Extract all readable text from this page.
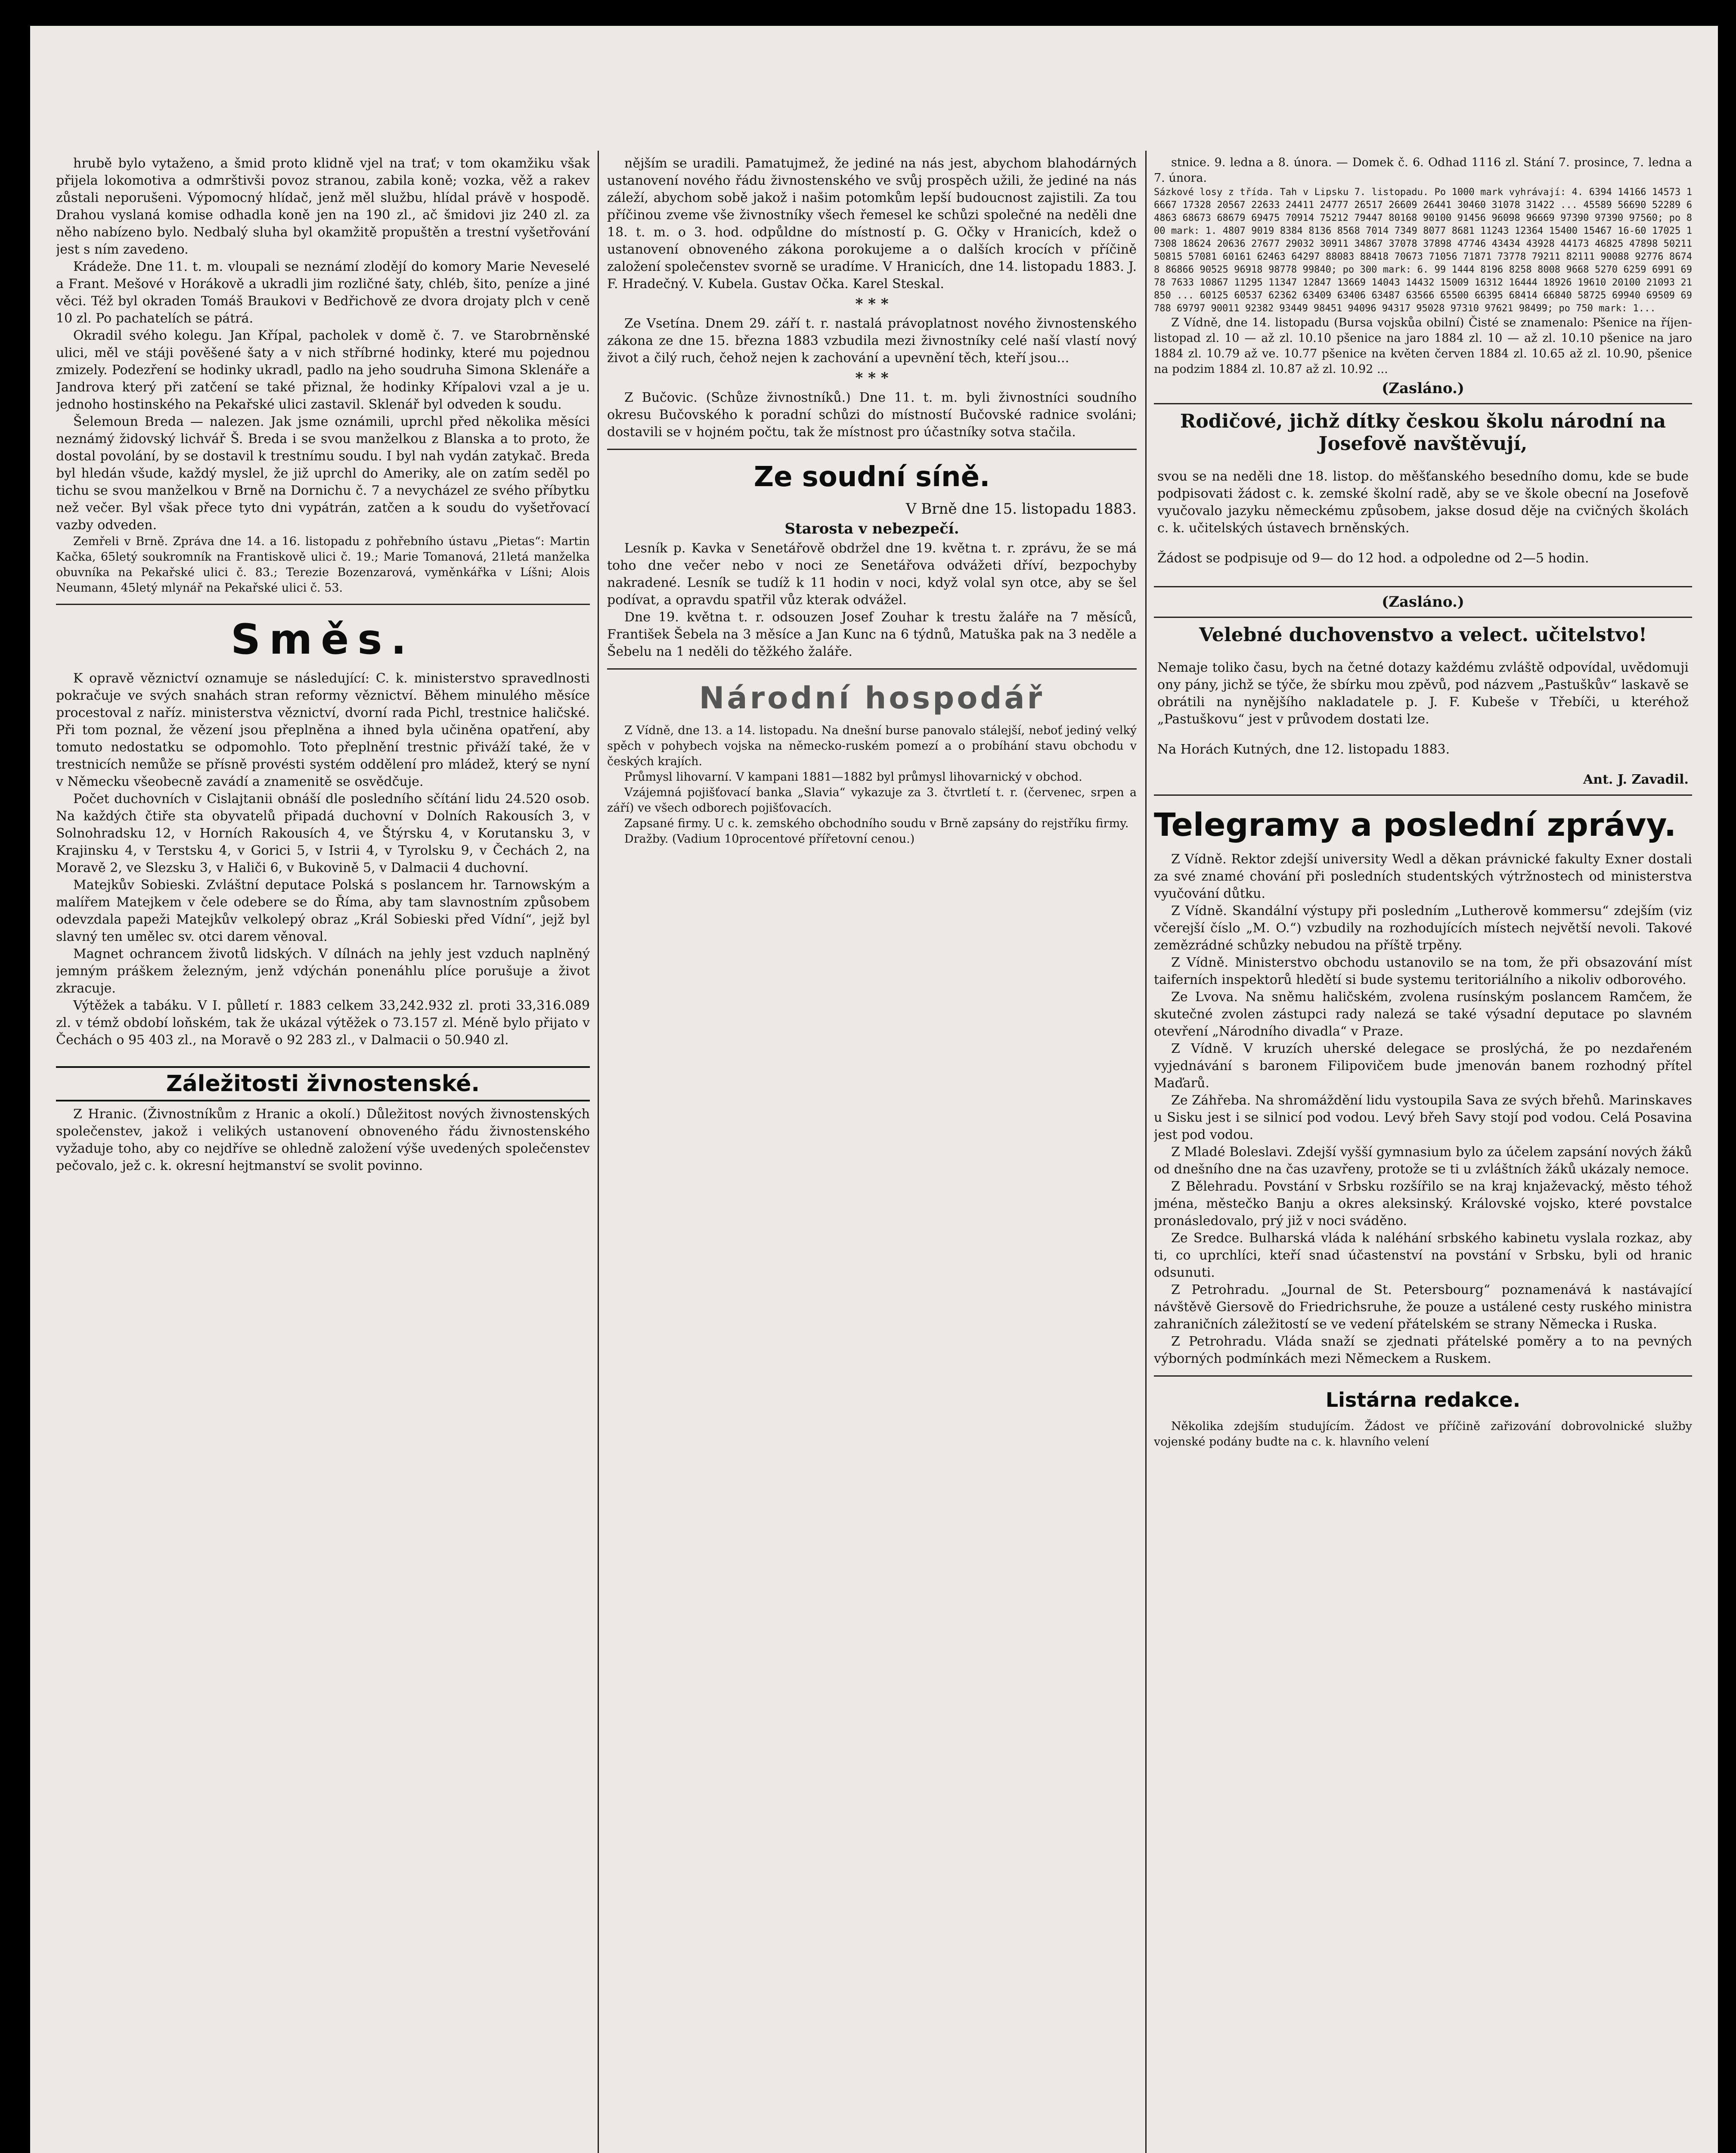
hrubě bylo vytaženo, a šmid proto klidně vjel na trať; v tom okamžiku však přijela lokomotiva a odmrštivši povoz stranou, zabila koně; vozka, věž a rakev zůstali neporušeni. Výpomocný hlídač, jenž měl službu, hlídal právě v hospodě. Drahou vyslaná komise odhadla koně jen na 190 zl., ač šmidovi jiz 240 zl. za něho nabízeno bylo. Nedbalý sluha byl okamžitě propuštěn a trestní vyšetřování jest s ním zavedeno.

Krádeže. Dne 11. t. m. vloupali se neznámí zlodějí do komory Marie Neveselé a Frant. Mešové v Horákově a ukradli jim rozličné šaty, chléb, šito, peníze a jiné věci. Též byl okraden Tomáš Braukovi v Bedřichově ze dvora drojaty plch v ceně 10 zl. Po pachatelích se pátrá.

Okradil svého kolegu. Jan Křípal, pacholek v domě č. 7. ve Starobrněnské ulici, měl ve stáji pověšené šaty a v nich stříbrné hodinky, které mu pojednou zmizely. Podezření se hodinky ukradl, padlo na jeho soudruha Simona Sklenáře a Jandrova který při zatčení se také přiznal, že hodinky Křípalovi vzal a je u. jednoho hostinského na Pekařské ulici zastavil. Sklenář byl odveden k soudu.

Šelemoun Breda — nalezen. Jak jsme oznámili, uprchl před několika měsíci neznámý židovský lichvář Š. Breda i se svou manželkou z Blanska a to proto, že dostal povolání, by se dostavil k trestnímu soudu. I byl nah vydán zatykač. Breda byl hledán všude, každý myslel, že již uprchl do Ameriky, ale on zatím seděl po tichu se svou manželkou v Brně na Dornichu č. 7 a nevycházel ze svého příbytku než večer. Byl však přece tyto dni vypátrán, zatčen a k soudu do vyšetřovací vazby odveden.

Zemřeli v Brně. Zpráva dne 14. a 16. listopadu z pohřebního ústavu „Pietas“: Martin Kačka, 65letý soukromník na Frantiskově ulici č. 19.; Marie Tomanová, 21letá manželka obuvníka na Pekařské ulici č. 83.; Terezie Bozenzarová, vyměnkářka v Líšni; Alois Neumann, 45letý mlynář na Pekařské ulici č. 53.

Směs.

K opravě věznictví oznamuje se následující: C. k. ministerstvo spravedlnosti pokračuje ve svých snahách stran reformy věznictví. Během minulého měsíce procestoval z naříz. ministerstva věznictví, dvorní rada Pichl, trestnice haličské. Při tom poznal, že vězení jsou přeplněna a ihned byla učiněna opatření, aby tomuto nedostatku se odpomohlo. Toto přeplnění trestnic přiváží také, že v trestnicích nemůže se přísně provésti systém oddělení pro mládež, který se nyní v Německu všeobecně zavádí a znamenitě se osvědčuje.

Počet duchovních v Cislajtanii obnáší dle posledního sčítání lidu 24.520 osob. Na každých čtiře sta obyvatelů připadá duchovní v Dolních Rakousích 3, v Solnohradsku 12, v Horních Rakousích 4, ve Štýrsku 4, v Korutansku 3, v Krajinsku 4, v Terstsku 4, v Gorici 5, v Istrii 4, v Tyrolsku 9, v Čechách 2, na Moravě 2, ve Slezsku 3, v Haliči 6, v Bukovině 5, v Dalmacii 4 duchovní.

Matejkův Sobieski. Zvláštní deputace Polská s poslancem hr. Tarnowským a malířem Matejkem v čele odebere se do Říma, aby tam slavnostním způsobem odevzdala papeži Matejkův velkolepý obraz „Král Sobieski před Vídní“, jejž byl slavný ten umělec sv. otci darem věnoval.

Magnet ochrancem životů lidských. V dílnách na jehly jest vzduch naplněný jemným práškem železným, jenž vdýchán ponenáhlu plíce porušuje a život zkracuje.

Výtěžek a tabáku. V I. půlletí r. 1883 celkem 33,242.932 zl. proti 33,316.089 zl. v témž období loňském, tak že ukázal výtěžek o 73.157 zl. Méně bylo přijato v Čechách o 95 403 zl., na Moravě o 92 283 zl., v Dalmacii o 50.940 zl.

Záležitosti živnostenské.

Z Hranic. (Živnostníkům z Hranic a okolí.) Důležitost nových živnostenských společenstev, jakož i velikých ustanovení obnoveného řádu živnostenského vyžaduje toho, aby co nejdříve se ohledně založení výše uvedených společenstev pečovalo, jež c. k. okresní hejtmanství se svolit povinno.

nějším se uradili. Pamatujmež, že jediné na nás jest, abychom blahodárných ustanovení nového řádu živnostenského ve svůj prospěch užili, že jediné na nás záleží, abychom sobě jakož i našim potomkům lepší budoucnost zajistili. Za tou příčinou zveme vše živnostníky všech řemesel ke schůzi společné na neděli dne 18. t. m. o 3. hod. odpůldne do místností p. G. Očky v Hranicích, kdež o ustanovení obnoveného zákona porokujeme a o dalších krocích v příčině založení společenstev svorně se uradíme. V Hranicích, dne 14. listopadu 1883. J. F. Hradečný. V. Kubela. Gustav Očka. Karel Steskal.

* * *

Ze Vsetína. Dnem 29. září t. r. nastalá právoplatnost nového živnostenského zákona ze dne 15. března 1883 vzbudila mezi živnostníky celé naší vlastí nový život a čilý ruch, čehož nejen k zachování a upevnění těch, kteří jsou...

* * *

Z Bučovic. (Schůze živnostníků.) Dne 11. t. m. byli živnostníci soudního okresu Bučovského k poradní schůzi do místností Bučovské radnice svoláni; dostavili se v hojném počtu, tak že místnost pro účastníky sotva stačila.

Ze soudní síně.
V Brně dne 15. listopadu 1883.
Starosta v nebezpečí.

Lesník p. Kavka v Senetářově obdržel dne 19. května t. r. zprávu, že se má toho dne večer nebo v noci ze Senetářova odvážeti dříví, bezpochyby nakradené. Lesník se tudíž k 11 hodin v noci, když volal syn otce, aby se šel podívat, a opravdu spatřil vůz kterak odvážel.

Dne 19. května t. r. odsouzen Josef Zouhar k trestu žaláře na 7 měsíců, František Šebela na 3 měsíce a Jan Kunc na 6 týdnů, Matuška pak na 3 neděle a Šebelu na 1 neděli do těžkého žaláře.

Národní hospodář

Z Vídně, dne 13. a 14. listopadu. Na dnešní burse panovalo stálejší, neboť jediný velký spěch v pohybech vojska na německo-ruském pomezí a o probíhání stavu obchodu v českých krajích.

Průmysl lihovarní. V kampani 1881—1882 byl průmysl lihovarnický v obchod.

Vzájemná pojišťovací banka „Slavia“ vykazuje za 3. čtvrtletí t. r. (červenec, srpen a září) ve všech odborech pojišťovacích.

Zapsané firmy. U c. k. zemského obchodního soudu v Brně zapsány do rejstříku firmy.

Dražby. (Vadium 10procentové přířetovní cenou.)

stnice. 9. ledna a 8. února. — Domek č. 6. Odhad 1116 zl. Stání 7. prosince, 7. ledna a 7. února.

Sázkové losy z třída. Tah v Lipsku 7. listopadu. Po 1000 mark vyhrávají: 4. 6394 14166 14573 16667 17328 20567 22633 24411 24777 26517 26609 26441 30460 31078 31422 ... 45589 56690 52289 64863 68673 68679 69475 70914 75212 79447 80168 90100 91456 96098 96669 97390 97390 97560; po 800 mark: 1. 4807 9019 8384 8136 8568 7014 7349 8077 8681 11243 12364 15400 15467 16-60 17025 17308 18624 20636 27677 29032 30911 34867 37078 37898 47746 43434 43928 44173 46825 47898 50211 50815 57081 60161 62463 64297 88083 88418 70673 71056 71871 73778 79211 82111 90088 92776 86748 86866 90525 96918 98778 99840; po 300 mark: 6. 99 1444 8196 8258 8008 9668 5270 6259 6991 6978 7633 10867 11295 11347 12847 13669 14043 14432 15009 16312 16444 18926 19610 20100 21093 21850 ... 60125 60537 62362 63409 63406 63487 63566 65500 66395 68414 66840 58725 69940 69509 69788 69797 90011 92382 93449 98451 94096 94317 95028 97310 97621 98499; po 750 mark: 1...

Z Vídně, dne 14. listopadu (Bursa vojskůa obilní) Čisté se znamenalo: Pšenice na říjen-listopad zl. 10 — až zl. 10.10 pšenice na jaro 1884 zl. 10 — až zl. 10.10 pšenice na jaro 1884 zl. 10.79 až ve. 10.77 pšenice na květen červen 1884 zl. 10.65 až zl. 10.90, pšenice na podzim 1884 zl. 10.87 až zl. 10.92 ...

(Zasláno.)
Rodičové, jichž dítky českou školu národní na Josefově navštěvují,

svou se na neděli dne 18. listop. do měšťanského besedního domu, kde se bude podpisovati žádost c. k. zemské školní radě, aby se ve škole obecní na Josefově vyučovalo jazyku německému způsobem, jakse dosud děje na cvičných školách c. k. učitelských ústavech brněnských.

Žádost se podpisuje od 9— do 12 hod. a odpoledne od 2—5 hodin.

(Zasláno.)
Velebné duchovenstvo a velect. učitelstvo!

Nemaje toliko času, bych na četné dotazy každému zvláště odpovídal, uvědomuji ony pány, jichž se týče, že sbírku mou zpěvů, pod názvem „Pastuškův“ laskavě se obrátili na nynějšího nakladatele p. J. F. Kubeše v Třebíči, u kteréhož „Pastuškovu“ jest v průvodem dostati lze.

Na Horách Kutných, dne 12. listopadu 1883.

Ant. J. Zavadil.
Telegramy a poslední zprávy.

Z Vídně. Rektor zdejší university Wedl a děkan právnické fakulty Exner dostali za své znamé chování při posledních studentských výtržnostech od ministerstva vyučování důtku.

Z Vídně. Skandální výstupy při posledním „Lutherově kommersu“ zdejším (viz včerejší číslo „M. O.“) vzbudily na rozhodujících místech největší nevoli. Takové zemězrádné schůzky nebudou na příště trpěny.

Z Vídně. Ministerstvo obchodu ustanovilo se na tom, že při obsazování míst taiferních inspektorů hledětí si bude systemu teritoriálního a nikoliv odborového.

Ze Lvova. Na sněmu haličském, zvolena rusínským poslancem Ramčem, že skutečné zvolen zástupci rady nalezá se také výsadní deputace po slavném otevření „Národního divadla“ v Praze.

Z Vídně. V kruzích uherské delegace se proslýchá, že po nezdařeném vyjednávání s baronem Filipovičem bude jmenován banem rozhodný přítel Maďarů.

Ze Záhřeba. Na shromáždění lidu vystoupila Sava ze svých břehů. Marinskaves u Sisku jest i se silnicí pod vodou. Levý břeh Savy stojí pod vodou. Celá Posavina jest pod vodou.

Z Mladé Boleslavi. Zdejší vyšší gymnasium bylo za účelem zapsání nových žáků od dnešního dne na čas uzavřeny, protože se ti u zvláštních žáků ukázaly nemoce.

Z Bělehradu. Povstání v Srbsku rozšířilo se na kraj knjaževacký, město téhož jména, městečko Banju a okres aleksinský. Královské vojsko, které povstalce pronásledovalo, prý již v noci sváděno.

Ze Sredce. Bulharská vláda k naléhání srbského kabinetu vyslala rozkaz, aby ti, co uprchlíci, kteří snad účastenství na povstání v Srbsku, byli od hranic odsunuti.

Z Petrohradu. „Journal de St. Petersbourg“ poznamenává k nastávající návštěvě Giersově do Friedrichsruhe, že pouze a ustálené cesty ruského ministra zahraničních záležitostí se ve vedení přátelském se strany Německa i Ruska.

Z Petrohradu. Vláda snaží se zjednati přátelské poměry a to na pevných výborných podmínkách mezi Německem a Ruskem.

Listárna redakce.

Několika zdejším studujícím. Žádost ve příčině zařizování dobrovolnické služby vojenské podány budte na c. k. hlavního velení
